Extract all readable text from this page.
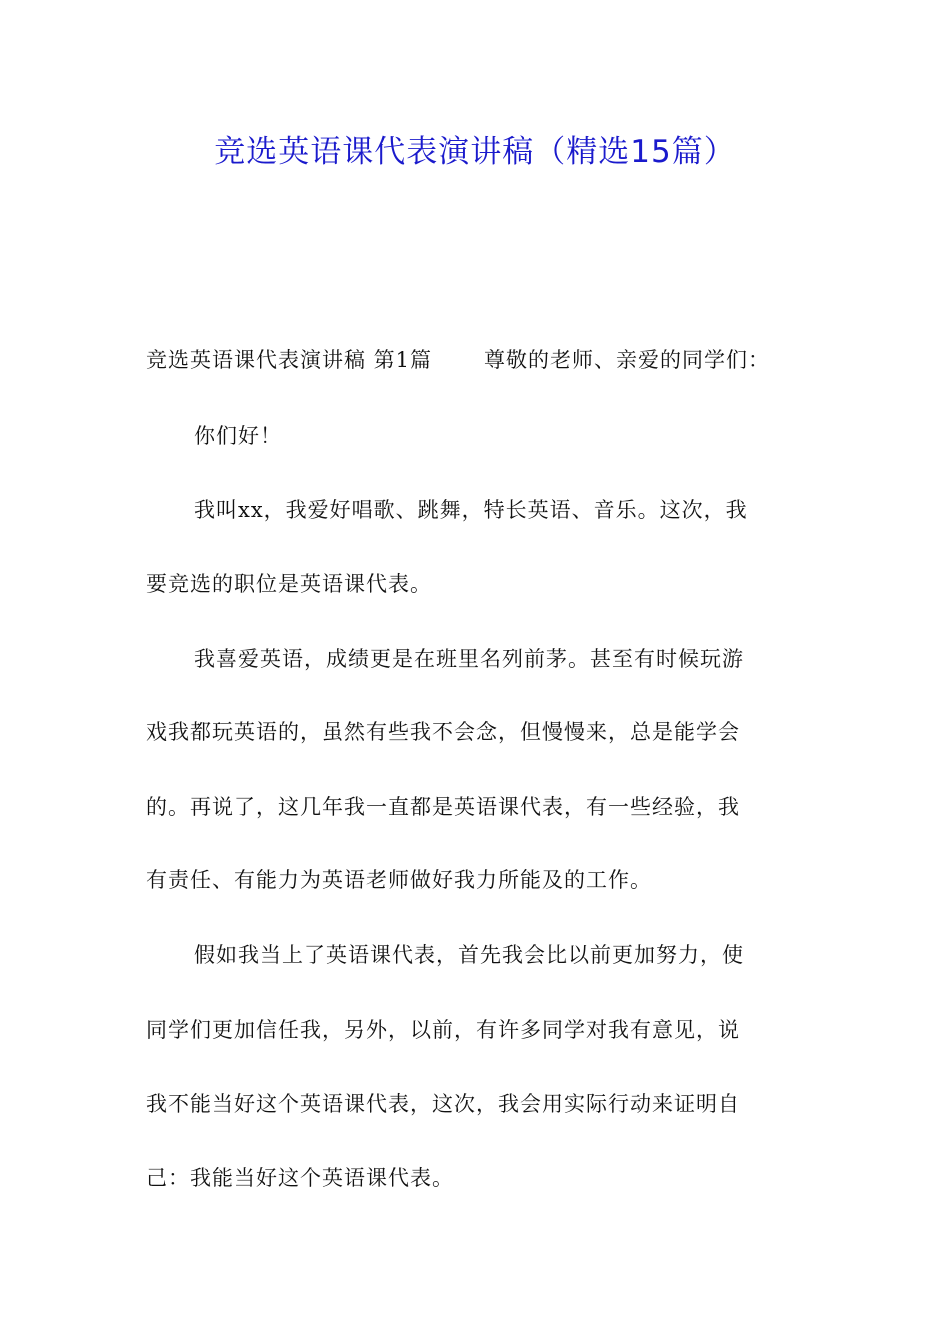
竞选英语课代表演讲稿（精选15篇）
竞选英语课代表演讲稿 第1篇 尊敬的老师、亲爱的同学们：
你们好！
我叫xx，我爱好唱歌、跳舞，特长英语、音乐。这次，我
要竞选的职位是英语课代表。
我喜爱英语，成绩更是在班里名列前茅。甚至有时候玩游
戏我都玩英语的，虽然有些我不会念，但慢慢来，总是能学会
的。再说了，这几年我一直都是英语课代表，有一些经验，我
有责任、有能力为英语老师做好我力所能及的工作。
假如我当上了英语课代表，首先我会比以前更加努力，使
同学们更加信任我，另外，以前，有许多同学对我有意见，说
我不能当好这个英语课代表，这次，我会用实际行动来证明自
己：我能当好这个英语课代表。
